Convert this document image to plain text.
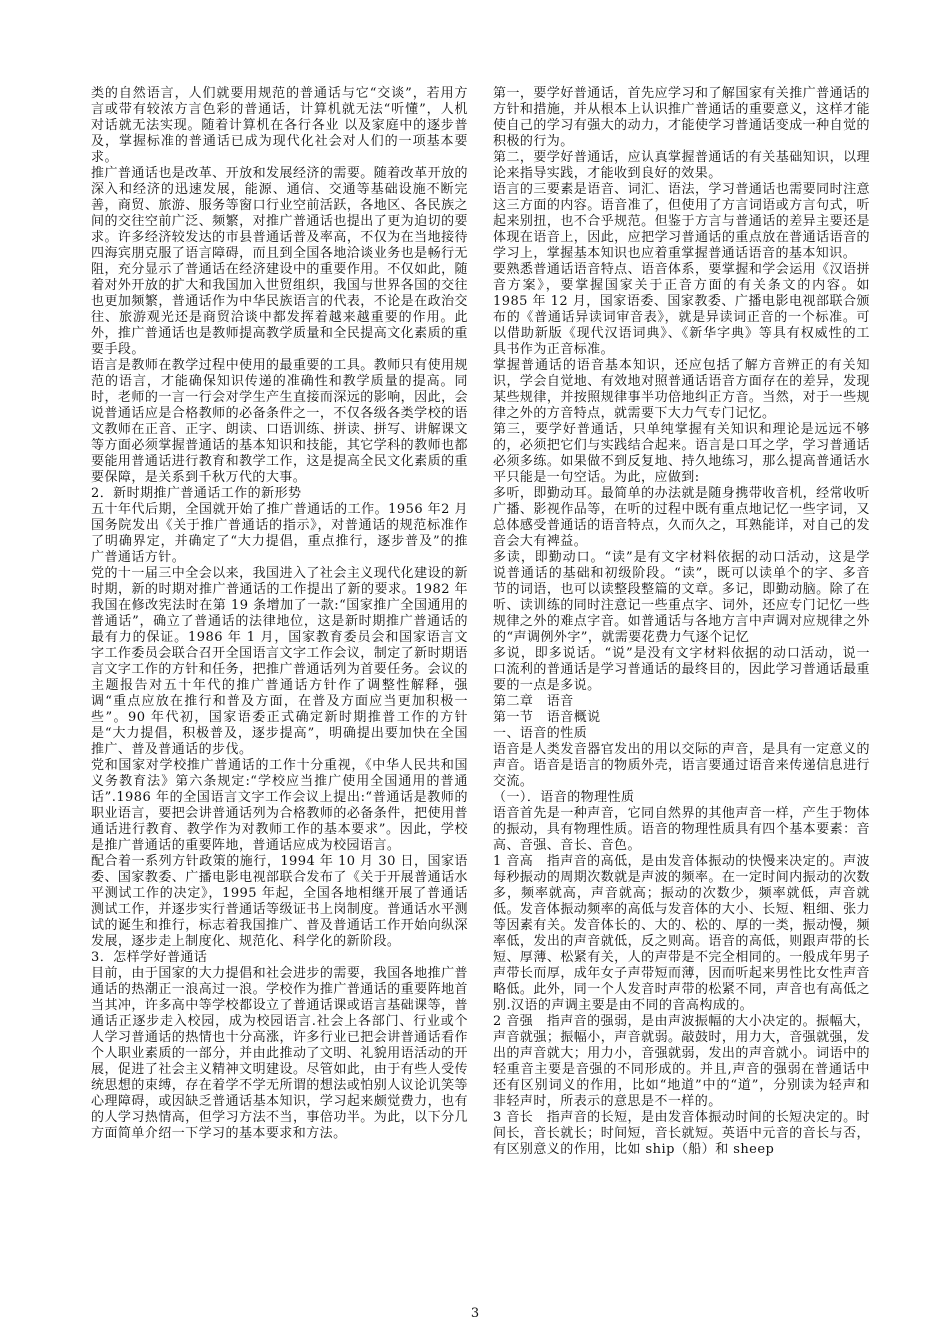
类的自然语言，人们就要用规范的普通话与它“交谈”，若用方言或带有较浓方言色彩的普通话，计算机就无法“听懂”，人机对话就无法实现。随着计算机在各行各业 以及家庭中的逐步普及，掌握标准的普通话已成为现代化社会对人们的一项基本要求。

推广普通话也是改革、开放和发展经济的需要。随着改革开放的深入和经济的迅速发展，能源、通信、交通等基础设施不断完善，商贸、旅游、服务等窗口行业空前活跃，各地区、各民族之间的交往空前广泛、频繁，对推广普通话也提出了更为迫切的要求。许多经济较发达的市县普通话普及率高，不仅为在当地接待四海宾朋克服了语言障碍，而且到全国各地洽谈业务也是畅行无阻，充分显示了普通话在经济建设中的重要作用。不仅如此，随着对外开放的扩大和我国加入世贸组织，我国与世界各国的交往也更加频繁，普通话作为中华民族语言的代表，不论是在政治交往、旅游观光还是商贸洽谈中都发挥着越来越重要的作用。此外，推广普通话也是教师提高教学质量和全民提高文化素质的重要手段。

语言是教师在教学过程中使用的最重要的工具。教师只有使用规范的语言，才能确保知识传递的准确性和教学质量的提高。同时，老师的一言一行会对学生产生直接而深远的影响，因此，会说普通话应是合格教师的必备条件之一，不仅各级各类学校的语文教师在正音、正字、朗读、口语训练、拼读、拼写、讲解课文等方面必须掌握普通话的基本知识和技能，其它学科的教师也都要能用普通话进行教育和教学工作，这是提高全民文化素质的重要保障，是关系到千秋万代的大事。

2．新时期推广普通话工作的新形势

五十年代后期，全国就开始了推广普通话的工作。1956 年2 月国务院发出《关于推广普通话的指示》，对普通话的规范标准作了明确界定，并确定了“大力提倡，重点推行，逐步普及”的推广普通话方针。

党的十一届三中全会以来，我国进入了社会主义现代化建设的新时期，新的时期对推广普通话的工作提出了新的要求。1982 年我国在修改宪法时在第 19 条增加了一款:“国家推广全国通用的普通话”，确立了普通话的法律地位，这是新时期推广普通话的最有力的保证。1986 年 1 月，国家教育委员会和国家语言文字工作委员会联合召开全国语言文字工作会议，制定了新时期语言文字工作的方针和任务，把推广普通话列为首要任务。会议的主题报告对五十年代的推广普通话方针作了调整性解释，强调“重点应放在推行和普及方面，在普及方面应当更加积极一些”。90 年代初，国家语委正式确定新时期推普工作的方针是“大力提倡，积极普及，逐步提高”，明确提出要加快在全国推广、普及普通话的步伐。

党和国家对学校推广普通话的工作十分重视，《中华人民共和国义务教育法》第六条规定:“学校应当推广使用全国通用的普通话”.1986 年的全国语言文字工作会议上提出:“普通话是教师的职业语言，要把会讲普通话列为合格教师的必备条件，把使用普通话进行教育、教学作为对教师工作的基本要求”。因此，学校是推广普通话的重要阵地，普通话应成为校园语言。

配合着一系列方针政策的施行，1994 年 10 月 30 日，国家语委、国家教委、广播电影电视部联合发布了《关于开展普通话水平测试工作的决定》，1995 年起，全国各地相继开展了普通话测试工作，并逐步实行普通话等级证书上岗制度。普通话水平测试的诞生和推行，标志着我国推广、普及普通话工作开始向纵深发展，逐步走上制度化、规范化、科学化的新阶段。

3．怎样学好普通话

目前，由于国家的大力提倡和社会进步的需要，我国各地推广普通话的热潮正一浪高过一浪。学校作为推广普通话的重要阵地首当其冲，许多高中等学校都设立了普通话课或语言基础课等，普通话正逐步走入校园，成为校园语言.社会上各部门、行业或个人学习普通话的热情也十分高涨，许多行业已把会讲普通话看作个人职业素质的一部分，并由此推动了文明、礼貌用语活动的开展，促进了社会主义精神文明建设。尽管如此，由于有些人受传统思想的束缚，存在着学不学无所谓的想法或怕别人议论讥笑等心理障碍，或因缺乏普通话基本知识，学习起来颇觉费力，也有的人学习热情高，但学习方法不当，事倍功半。为此，以下分几方面简单介绍一下学习的基本要求和方法。

第一，要学好普通话，首先应学习和了解国家有关推广普通话的方针和措施，并从根本上认识推广普通话的重要意义，这样才能使自己的学习有强大的动力，才能使学习普通话变成一种自觉的积极的行为。

第二，要学好普通话，应认真掌握普通话的有关基础知识，以理论来指导实践，才能收到良好的效果。

语言的三要素是语音、词汇、语法，学习普通话也需要同时注意这三方面的内容。语音准了，但使用了方言词语或方言句式，听起来别扭，也不合乎规范。但鉴于方言与普通话的差异主要还是体现在语音上，因此，应把学习普通话的重点放在普通话语音的学习上，掌握基本知识也应着重掌握普通话语音的基本知识。

要熟悉普通话语音特点、语音体系，要掌握和学会运用《汉语拼音方案》，要掌握国家关于正音方面的有关条文的内容。如 1985 年 12 月，国家语委、国家教委、广播电影电视部联合颁布的《普通话异读词审音表》，就是异读词正音的一个标准。可以借助新版《现代汉语词典》、《新华字典》等具有权威性的工具书作为正音标准。

掌握普通话的语音基本知识，还应包括了解方音辨正的有关知识，学会自觉地、有效地对照普通话语音方面存在的差异，发现某些规律，并按照规律事半功倍地纠正方音。当然，对于一些规律之外的方音特点，就需要下大力气专门记忆。

第三，要学好普通话，只单纯掌握有关知识和理论是远远不够的，必须把它们与实践结合起来。语言是口耳之学，学习普通话必须多练。如果做不到反复地、持久地练习，那么提高普通话水平只能是一句空话。为此，应做到:

多听，即勤动耳。最简单的办法就是随身携带收音机，经常收听广播、影视作品等，在听的过程中既有重点地记忆一些字词，又总体感受普通话的语音特点，久而久之，耳熟能详，对自己的发音会大有裨益。

多读，即勤动口。“读”是有文字材料依据的动口活动，这是学说普通话的基础和初级阶段。“读”，既可以读单个的字、多音节的词语，也可以读整段整篇的文章。多记，即勤动脑。除了在听、读训练的同时注意记一些重点字、词外，还应专门记忆一些规律之外的难点字音。如普通话与各地方言中声调对应规律之外的“声调例外字”，就需要花费力气逐个记忆

多说，即多说话。“说”是没有文字材料依据的动口活动，说一口流利的普通话是学习普通话的最终目的，因此学习普通话最重要的一点是多说。

第二章　语音

第一节　语音概说

一、语音的性质

语音是人类发音器官发出的用以交际的声音，是具有一定意义的声音。语音是语言的物质外壳，语言要通过语音来传递信息进行交流。

（一）．语音的物理性质

语音首先是一种声音，它同自然界的其他声音一样，产生于物体的振动，具有物理性质。语音的物理性质具有四个基本要素：音高、音强、音长、音色。

1 音高　指声音的高低，是由发音体振动的快慢来决定的。声波每秒振动的周期次数就是声波的频率。在一定时间内振动的次数多，频率就高，声音就高；振动的次数少，频率就低，声音就低。发音体振动频率的高低与发音体的大小、长短、粗细、张力等因素有关。发音体长的、大的、松的、厚的一类，振动慢，频率低，发出的声音就低，反之则高。语音的高低，则跟声带的长短、厚薄、松紧有关，人的声带是不完全相同的。一般成年男子声带长而厚，成年女子声带短而薄，因而听起来男性比女性声音略低。此外，同一个人发音时声带的松紧不同，声音也有高低之别.汉语的声调主要是由不同的音高构成的。

2 音强　指声音的强弱，是由声波振幅的大小决定的。振幅大，声音就强；振幅小，声音就弱。敲鼓时，用力大，音强就强，发出的声音就大；用力小，音强就弱，发出的声音就小。词语中的轻重音主要是音强的不同形成的。并且,声音的强弱在普通话中还有区别词义的作用，比如“地道”中的“道”，分别读为轻声和非轻声时，所表示的意思是不一样的。

3 音长　指声音的长短，是由发音体振动时间的长短决定的。时间长，音长就长；时间短，音长就短。英语中元音的音长与否，有区别意义的作用，比如 ship（船）和 sheep

3
